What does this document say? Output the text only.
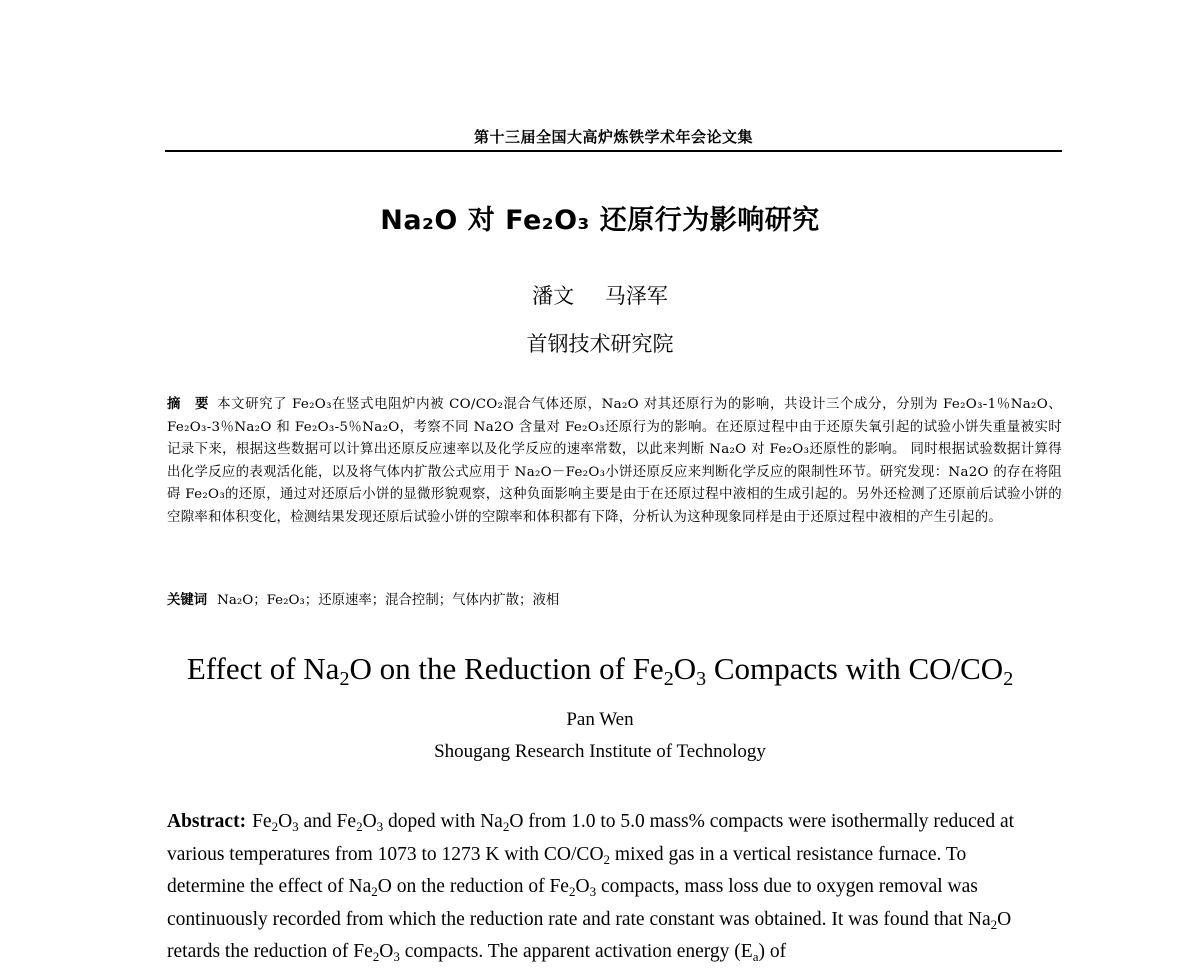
第十三届全国大高炉炼铁学术年会论文集
Na₂O 对 Fe₂O₃ 还原行为影响研究
潘文 马泽军
首钢技术研究院
摘　要 本文研究了 Fe₂O₃在竖式电阻炉内被 CO/CO₂混合气体还原，Na₂O 对其还原行为的影响，共设计三个成分，分别为 Fe₂O₃-1％Na₂O、Fe₂O₃-3％Na₂O 和 Fe₂O₃-5％Na₂O，考察不同 Na2O 含量对 Fe₂O₃还原行为的影响。在还原过程中由于还原失氧引起的试验小饼失重量被实时记录下来，根据这些数据可以计算出还原反应速率以及化学反应的速率常数，以此来判断 Na₂O 对 Fe₂O₃还原性的影响。 同时根据试验数据计算得出化学反应的表观活化能，以及将气体内扩散公式应用于 Na₂O－Fe₂O₃小饼还原反应来判断化学反应的限制性环节。研究发现：Na2O 的存在将阻碍 Fe₂O₃的还原，通过对还原后小饼的显微形貌观察，这种负面影响主要是由于在还原过程中液相的生成引起的。另外还检测了还原前后试验小饼的空隙率和体积变化，检测结果发现还原后试验小饼的空隙率和体积都有下降，分析认为这种现象同样是由于还原过程中液相的产生引起的。
关键词 Na₂O；Fe₂O₃；还原速率；混合控制；气体内扩散；液相
Effect of $Na_2O$ on the Reduction of $Fe_2O_3$ Compacts with $CO/CO_2$
Pan Wen
Shougang Research Institute of Technology
Abstract: $Fe_2O_3$ and $Fe_2O_3$ doped with $Na_2O$ from 1.0 to 5.0 mass% compacts were isothermally reduced at various temperatures from 1073 to 1273 K with $CO/CO_2$ mixed gas in a vertical resistance furnace. To determine the effect of $Na_2O$ on the reduction of $Fe_2O_3$ compacts, mass loss due to oxygen removal was continuously recorded from which the reduction rate and rate constant was obtained. It was found that $Na_2O$ retards the reduction of $Fe_2O_3$ compacts. The apparent activation energy $(E_a)$ of
